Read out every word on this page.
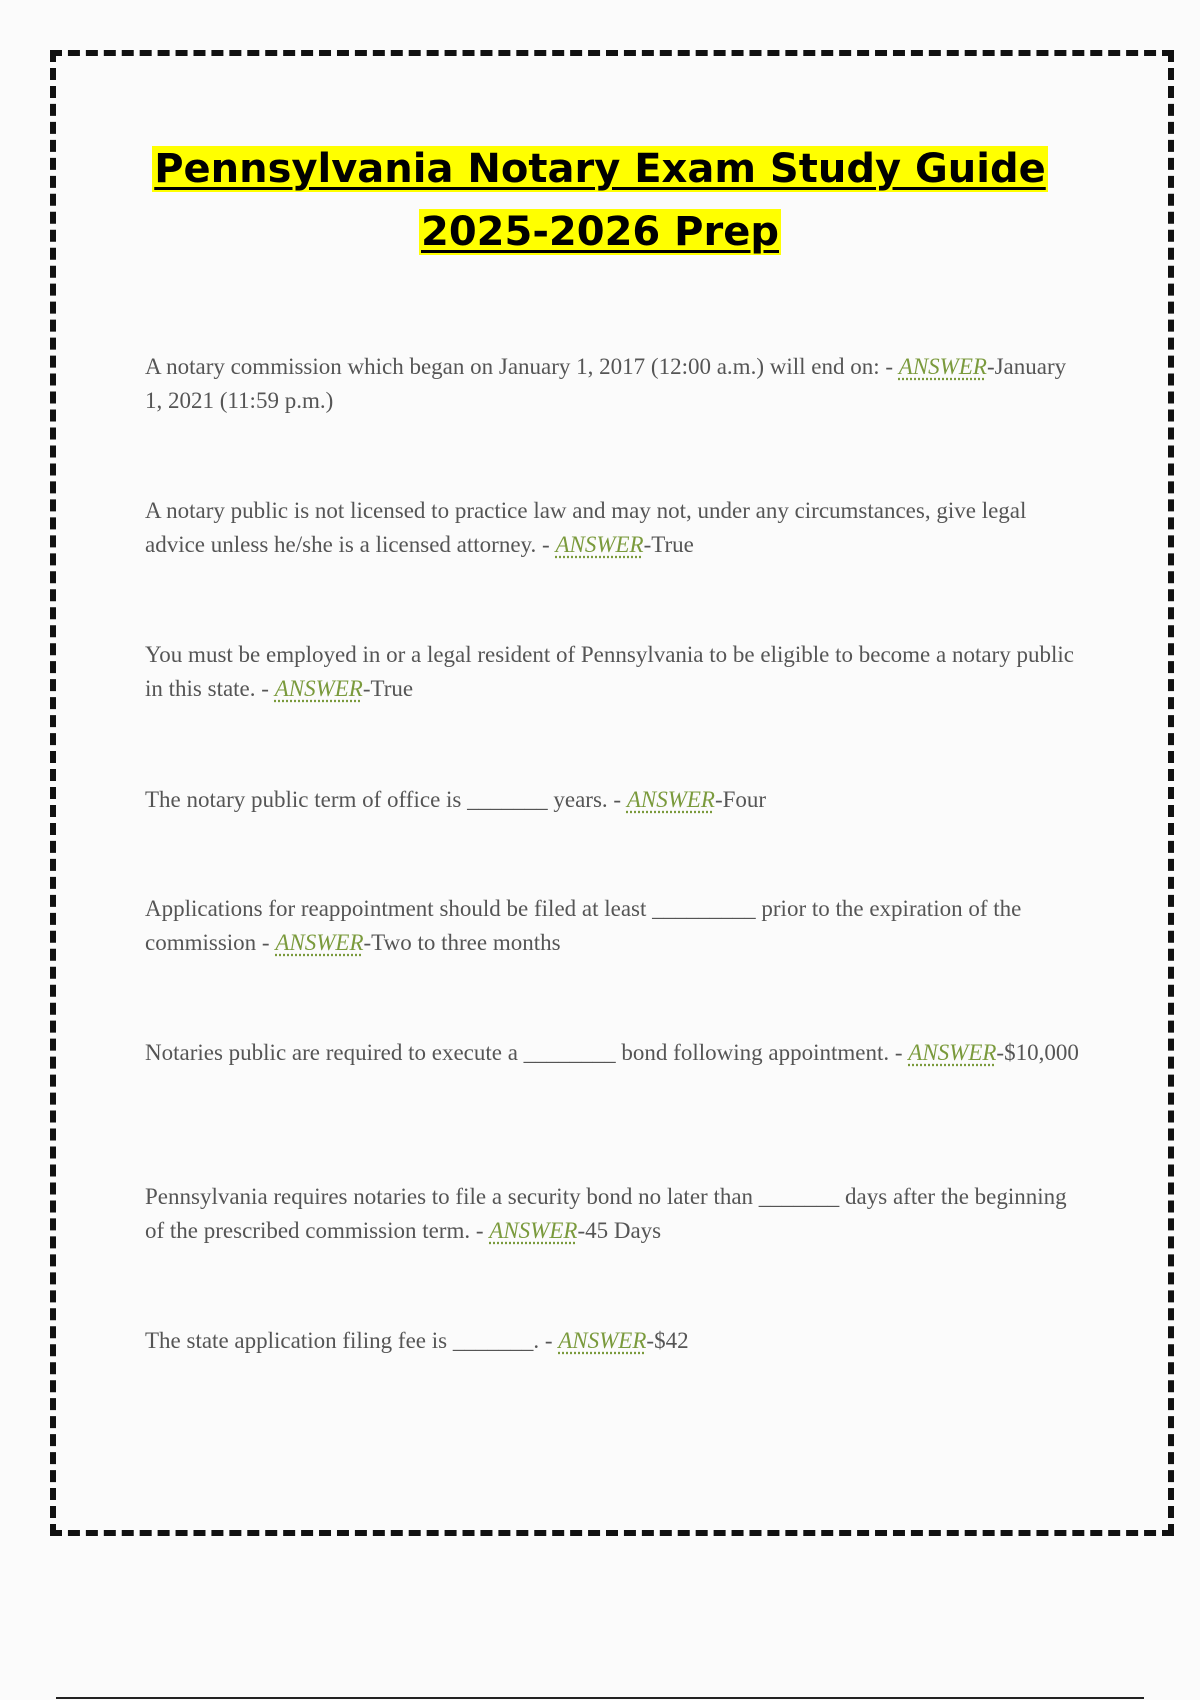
Pennsylvania Notary Exam Study Guide
2025-2026 Prep
A notary commission which began on January 1, 2017 (12:00 a.m.) will end on: - ANSWER-January 1, 2021 (11:59 p.m.)
A notary public is not licensed to practice law and may not, under any circumstances, give legal advice unless he/she is a licensed attorney. - ANSWER-True
You must be employed in or a legal resident of Pennsylvania to be eligible to become a notary public in this state. - ANSWER-True
The notary public term of office is _______ years. - ANSWER-Four
Applications for reappointment should be filed at least _________ prior to the expiration of the commission - ANSWER-Two to three months
Notaries public are required to execute a ________ bond following appointment. - ANSWER-$10,000
Pennsylvania requires notaries to file a security bond no later than _______ days after the beginning of the prescribed commission term. - ANSWER-45 Days
The state application filing fee is _______. - ANSWER-$42
